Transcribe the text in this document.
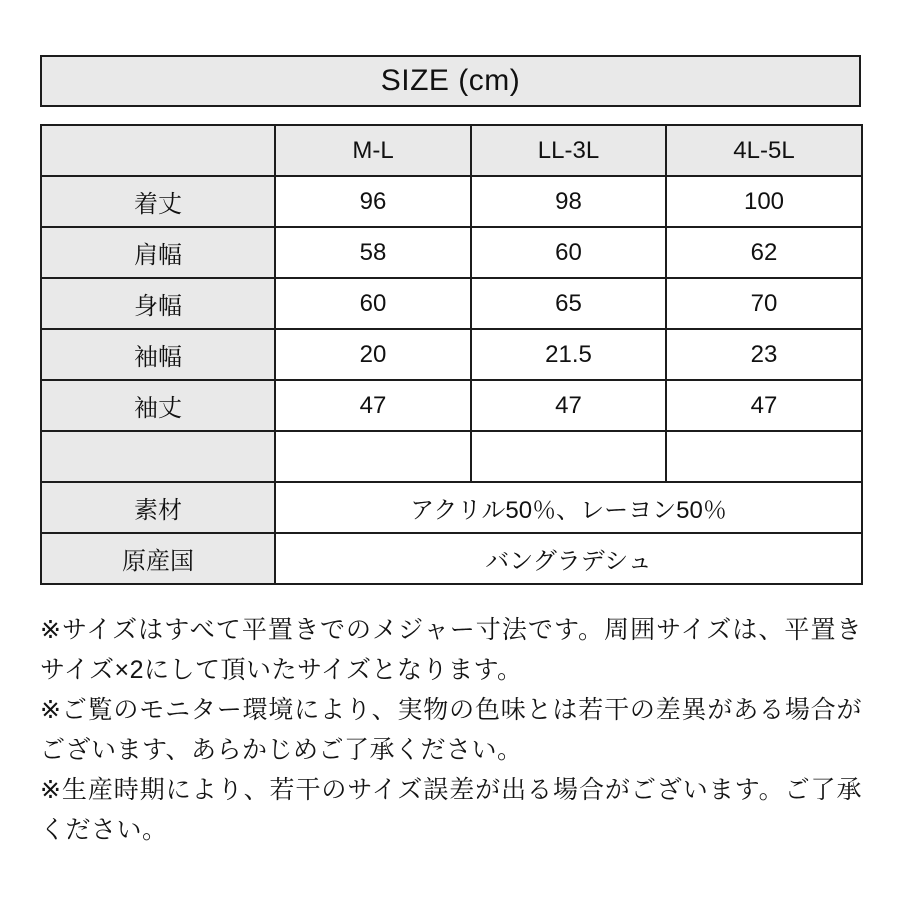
SIZE (cm)
	M-L	LL-3L	4L-5L
着丈	96	98	100
肩幅	58	60	62
身幅	60	65	70
袖幅	20	21.5	23
袖丈	47	47	47

素材	アクリル50％、レーヨン50％		
原産国	バングラデシュ		

※サイズはすべて平置きでのメジャー寸法です。周囲サイズは、平置きサイズ×2にして頂いたサイズとなります。

※ご覧のモニター環境により、実物の色味とは若干の差異がある場合がございます、あらかじめご了承ください。

※生産時期により、若干のサイズ誤差が出る場合がございます。ご了承ください。
